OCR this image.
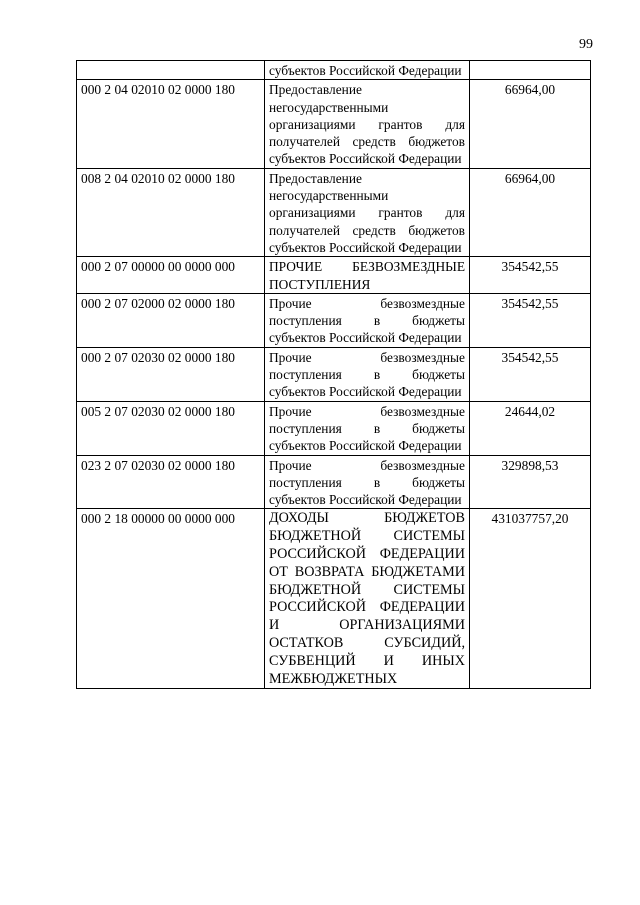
99
	субъектов Российской Федерации	
000 2 04 02010 02 0000 180	Предоставление негосударственными организациями грантов для получателей средств бюджетов субъектов Российской Федерации	66964,00
008 2 04 02010 02 0000 180	Предоставление негосударственными организациями грантов для получателей средств бюджетов субъектов Российской Федерации	66964,00
000 2 07 00000 00 0000 000	ПРОЧИЕ БЕЗВОЗМЕЗДНЫЕ ПОСТУПЛЕНИЯ	354542,55
000 2 07 02000 02 0000 180	Прочие безвозмездные поступления в бюджеты субъектов Российской Федерации	354542,55
000 2 07 02030 02 0000 180	Прочие безвозмездные поступления в бюджеты субъектов Российской Федерации	354542,55
005 2 07 02030 02 0000 180	Прочие безвозмездные поступления в бюджеты субъектов Российской Федерации	24644,02
023 2 07 02030 02 0000 180	Прочие безвозмездные поступления в бюджеты субъектов Российской Федерации	329898,53
000 2 18 00000 00 0000 000	ДОХОДЫ БЮДЖЕТОВ БЮДЖЕТНОЙ СИСТЕМЫ РОССИЙСКОЙ ФЕДЕРАЦИИ ОТ ВОЗВРАТА БЮДЖЕТАМИ БЮДЖЕТНОЙ СИСТЕМЫ РОССИЙСКОЙ ФЕДЕРАЦИИ И ОРГАНИЗАЦИЯМИ ОСТАТКОВ СУБСИДИЙ, СУБВЕНЦИЙ И ИНЫХ МЕЖБЮДЖЕТНЫХ	431037757,20
